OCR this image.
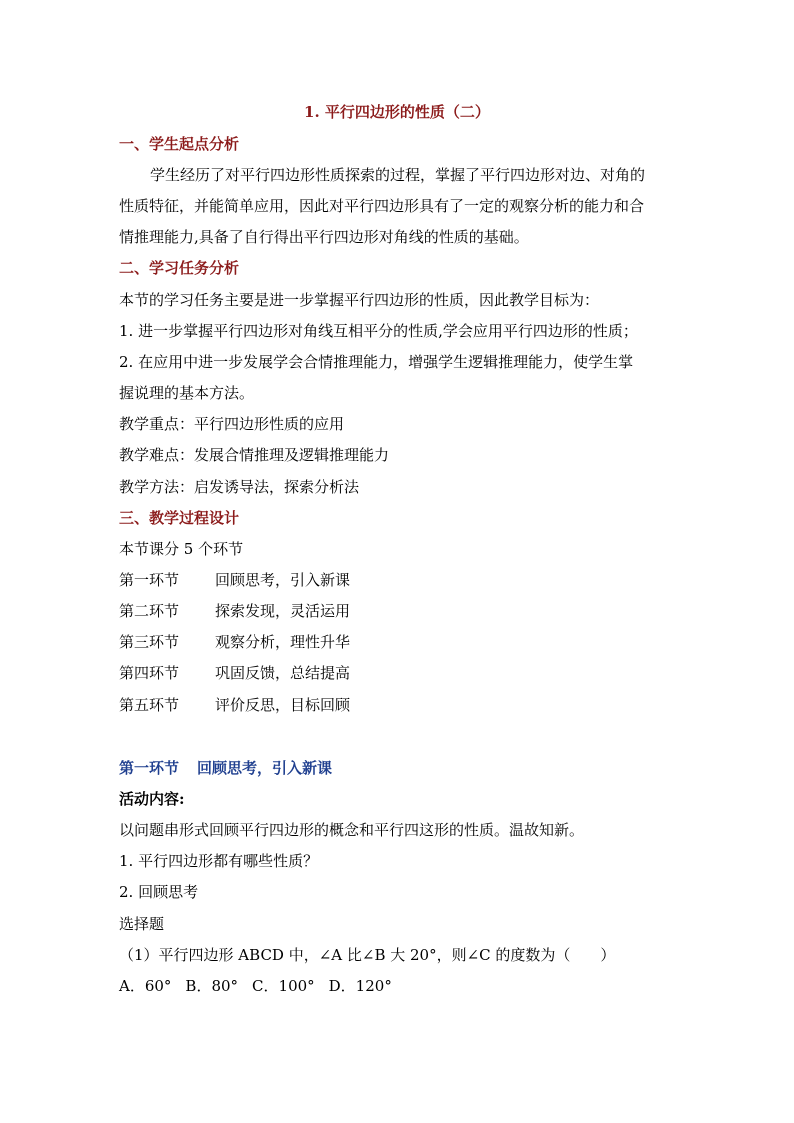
1. 平行四边形的性质（二）
一、学生起点分析
学生经历了对平行四边形性质探索的过程，掌握了平行四边形对边、对角的
性质特征，并能简单应用，因此对平行四边形具有了一定的观察分析的能力和合
情推理能力,具备了自行得出平行四边形对角线的性质的基础。
二、学习任务分析
本节的学习任务主要是进一步掌握平行四边形的性质，因此教学目标为：
1. 进一步掌握平行四边形对角线互相平分的性质,学会应用平行四边形的性质；
2. 在应用中进一步发展学会合情推理能力，增强学生逻辑推理能力，使学生掌
握说理的基本方法。
教学重点：平行四边形性质的应用
教学难点：发展合情推理及逻辑推理能力
教学方法：启发诱导法，探索分析法
三、教学过程设计
本节课分 5 个环节
第一环节 回顾思考，引入新课
第二环节 探索发现，灵活运用
第三环节 观察分析，理性升华
第四环节 巩固反馈，总结提高
第五环节 评价反思，目标回顾
第一环节 回顾思考，引入新课
活动内容:
以问题串形式回顾平行四边形的概念和平行四这形的性质。温故知新。
1. 平行四边形都有哪些性质？
2. 回顾思考
选择题
（1）平行四边形 ABCD 中，∠A 比∠B 大 20°，则∠C 的度数为（　　）
A．60° B．80° C．100° D．120°
